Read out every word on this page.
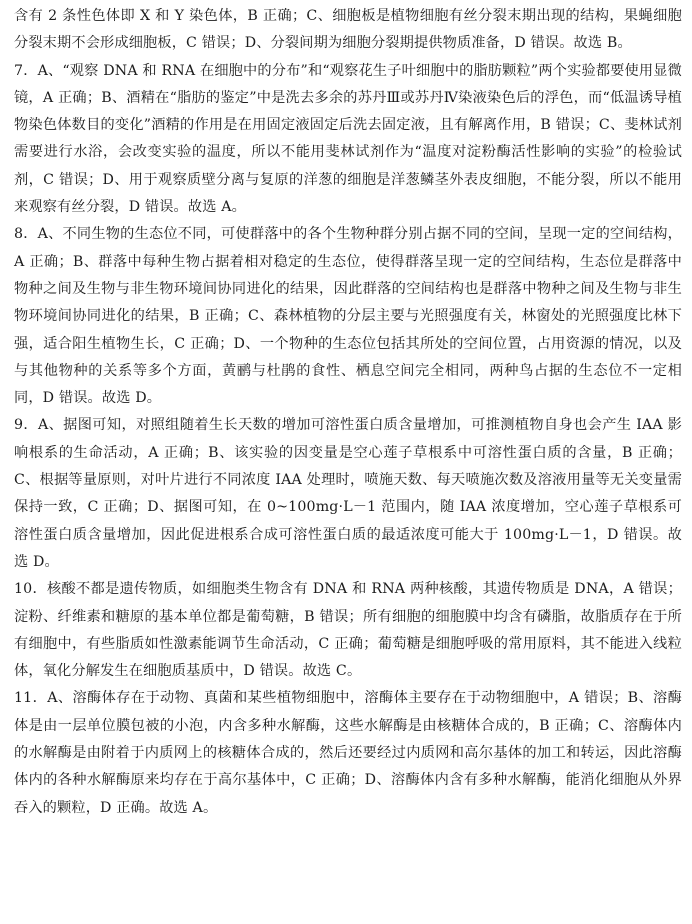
含有 2 条性色体即 X 和 Y 染色体，B 正确；C、细胞板是植物细胞有丝分裂末期出现的结构，果蝇细胞分裂末期不会形成细胞板，C 错误；D、分裂间期为细胞分裂期提供物质准备，D 错误。故选 B。

7．A、“观察 DNA 和 RNA 在细胞中的分布”和“观察花生子叶细胞中的脂肪颗粒”两个实验都要使用显微镜，A 正确；B、酒精在“脂肪的鉴定”中是洗去多余的苏丹Ⅲ或苏丹Ⅳ染液染色后的浮色，而“低温诱导植物染色体数目的变化”酒精的作用是在用固定液固定后洗去固定液，且有解离作用，B 错误；C、斐林试剂需要进行水浴，会改变实验的温度，所以不能用斐林试剂作为“温度对淀粉酶活性影响的实验”的检验试剂，C 错误；D、用于观察质壁分离与复原的洋葱的细胞是洋葱鳞茎外表皮细胞，不能分裂，所以不能用来观察有丝分裂，D 错误。故选 A。

8．A、不同生物的生态位不同，可使群落中的各个生物种群分别占据不同的空间，呈现一定的空间结构，A 正确；B、群落中每种生物占据着相对稳定的生态位，使得群落呈现一定的空间结构，生态位是群落中物种之间及生物与非生物环境间协同进化的结果，因此群落的空间结构也是群落中物种之间及生物与非生物环境间协同进化的结果，B 正确；C、森林植物的分层主要与光照强度有关，林窗处的光照强度比林下强，适合阳生植物生长，C 正确；D、一个物种的生态位包括其所处的空间位置，占用资源的情况，以及与其他物种的关系等多个方面，黄鹂与杜鹃的食性、栖息空间完全相同，两种鸟占据的生态位不一定相同，D 错误。故选 D。

9．A、据图可知，对照组随着生长天数的增加可溶性蛋白质含量增加，可推测植物自身也会产生 IAA 影响根系的生命活动，A 正确；B、该实验的因变量是空心莲子草根系中可溶性蛋白质的含量，B 正确；C、根据等量原则，对叶片进行不同浓度 IAA 处理时，喷施天数、每天喷施次数及溶液用量等无关变量需保持一致，C 正确；D、据图可知，在 0~100mg·L－1 范围内，随 IAA 浓度增加，空心莲子草根系可溶性蛋白质含量增加，因此促进根系合成可溶性蛋白质的最适浓度可能大于 100mg·L－1，D 错误。故选 D。

10．核酸不都是遗传物质，如细胞类生物含有 DNA 和 RNA 两种核酸，其遗传物质是 DNA，A 错误；淀粉、纤维素和糖原的基本单位都是葡萄糖，B 错误；所有细胞的细胞膜中均含有磷脂，故脂质存在于所有细胞中，有些脂质如性激素能调节生命活动，C 正确；葡萄糖是细胞呼吸的常用原料，其不能进入线粒体，氧化分解发生在细胞质基质中，D 错误。故选 C。

11．A、溶酶体存在于动物、真菌和某些植物细胞中，溶酶体主要存在于动物细胞中，A 错误；B、溶酶体是由一层单位膜包被的小泡，内含多种水解酶，这些水解酶是由核糖体合成的，B 正确；C、溶酶体内的水解酶是由附着于内质网上的核糖体合成的，然后还要经过内质网和高尔基体的加工和转运，因此溶酶体内的各种水解酶原来均存在于高尔基体中，C 正确；D、溶酶体内含有多种水解酶，能消化细胞从外界吞入的颗粒，D 正确。故选 A。
